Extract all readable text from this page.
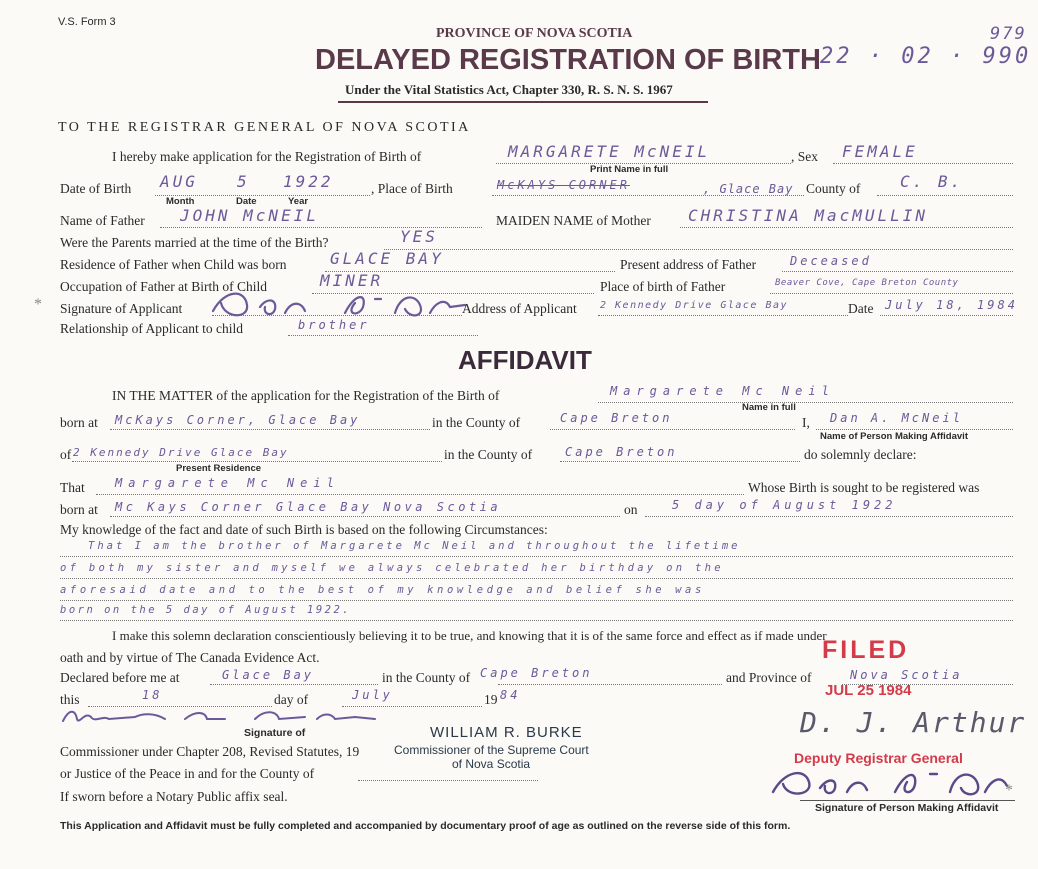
V.S. Form 3
PROVINCE OF NOVA SCOTIA
DELAYED REGISTRATION OF BIRTH
Under the Vital Statistics Act, Chapter 330, R. S. N. S. 1967
22 · 02 · 990
979
TO THE REGISTRAR GENERAL OF NOVA SCOTIA
I hereby make application for the Registration of Birth of	MARGARETE McNEIL
Print Name in full
, Sex FEMALE
Date of Birth AUG 5 1922
Month	Date	Year
, Place of Birth	McKAYS CORNER	, Glace Bay County of C. B.
Name of Father JOHN McNEIL	MAIDEN NAME of Mother CHRISTINA MacMULLIN
Were the Parents married at the time of the Birth?	YES
Residence of Father when Child was born	GLACE BAY	Present address of Father	Deceased
Occupation of Father at Birth of Child	MINER	Place of birth of Father	Beaver Cove, Cape Breton County
* Signature of Applicant	Address of Applicant 2 Kennedy Drive Glace Bay	Date July 18, 1984
Relationship of Applicant to child	brother
AFFIDAVIT
IN THE MATTER of the application for the Registration of the Birth of	Margarete Mc Neil
Name in full
born at McKays Corner, Glace Bay	in the County of	Cape Breton	I, Dan A. McNeil
Name of Person Making Affidavit
of 2 Kennedy Drive Glace Bay
Present Residence
in the County of	Cape Breton	do solemnly declare:
That	Margarete Mc Neil	Whose Birth is sought to be registered was
born at Mc Kays Corner Glace Bay Nova Scotia	on	5 day of August 1922
My knowledge of the fact and date of such Birth is based on the following Circumstances:
That I am the brother of Margarete Mc Neil and throughout the lifetime
of both my sister and myself we always celebrated her birthday on the
aforesaid date and to the best of my knowledge and belief she was
born on the 5 day of August 1922.
I make this solemn declaration conscientiously believing it to be true, and knowing that it is of the same force and effect as if made under
oath and by virtue of The Canada Evidence Act.
Declared before me at	Glace Bay	in the County of Cape Breton	and Province of	Nova Scotia
this	18	day of	July	19 84
Signature of	WILLIAM R. BURKE
Commissioner of the Supreme Court
of Nova Scotia
Commissioner under Chapter 208, Revised Statutes, 19
or Justice of the Peace in and for the County of
If sworn before a Notary Public affix seal.
FILED
JUL 25 1984
D. J. Arthur
Deputy Registrar General
*
Signature of Person Making Affidavit
This Application and Affidavit must be fully completed and accompanied by documentary proof of age as outlined on the reverse side of this form.
